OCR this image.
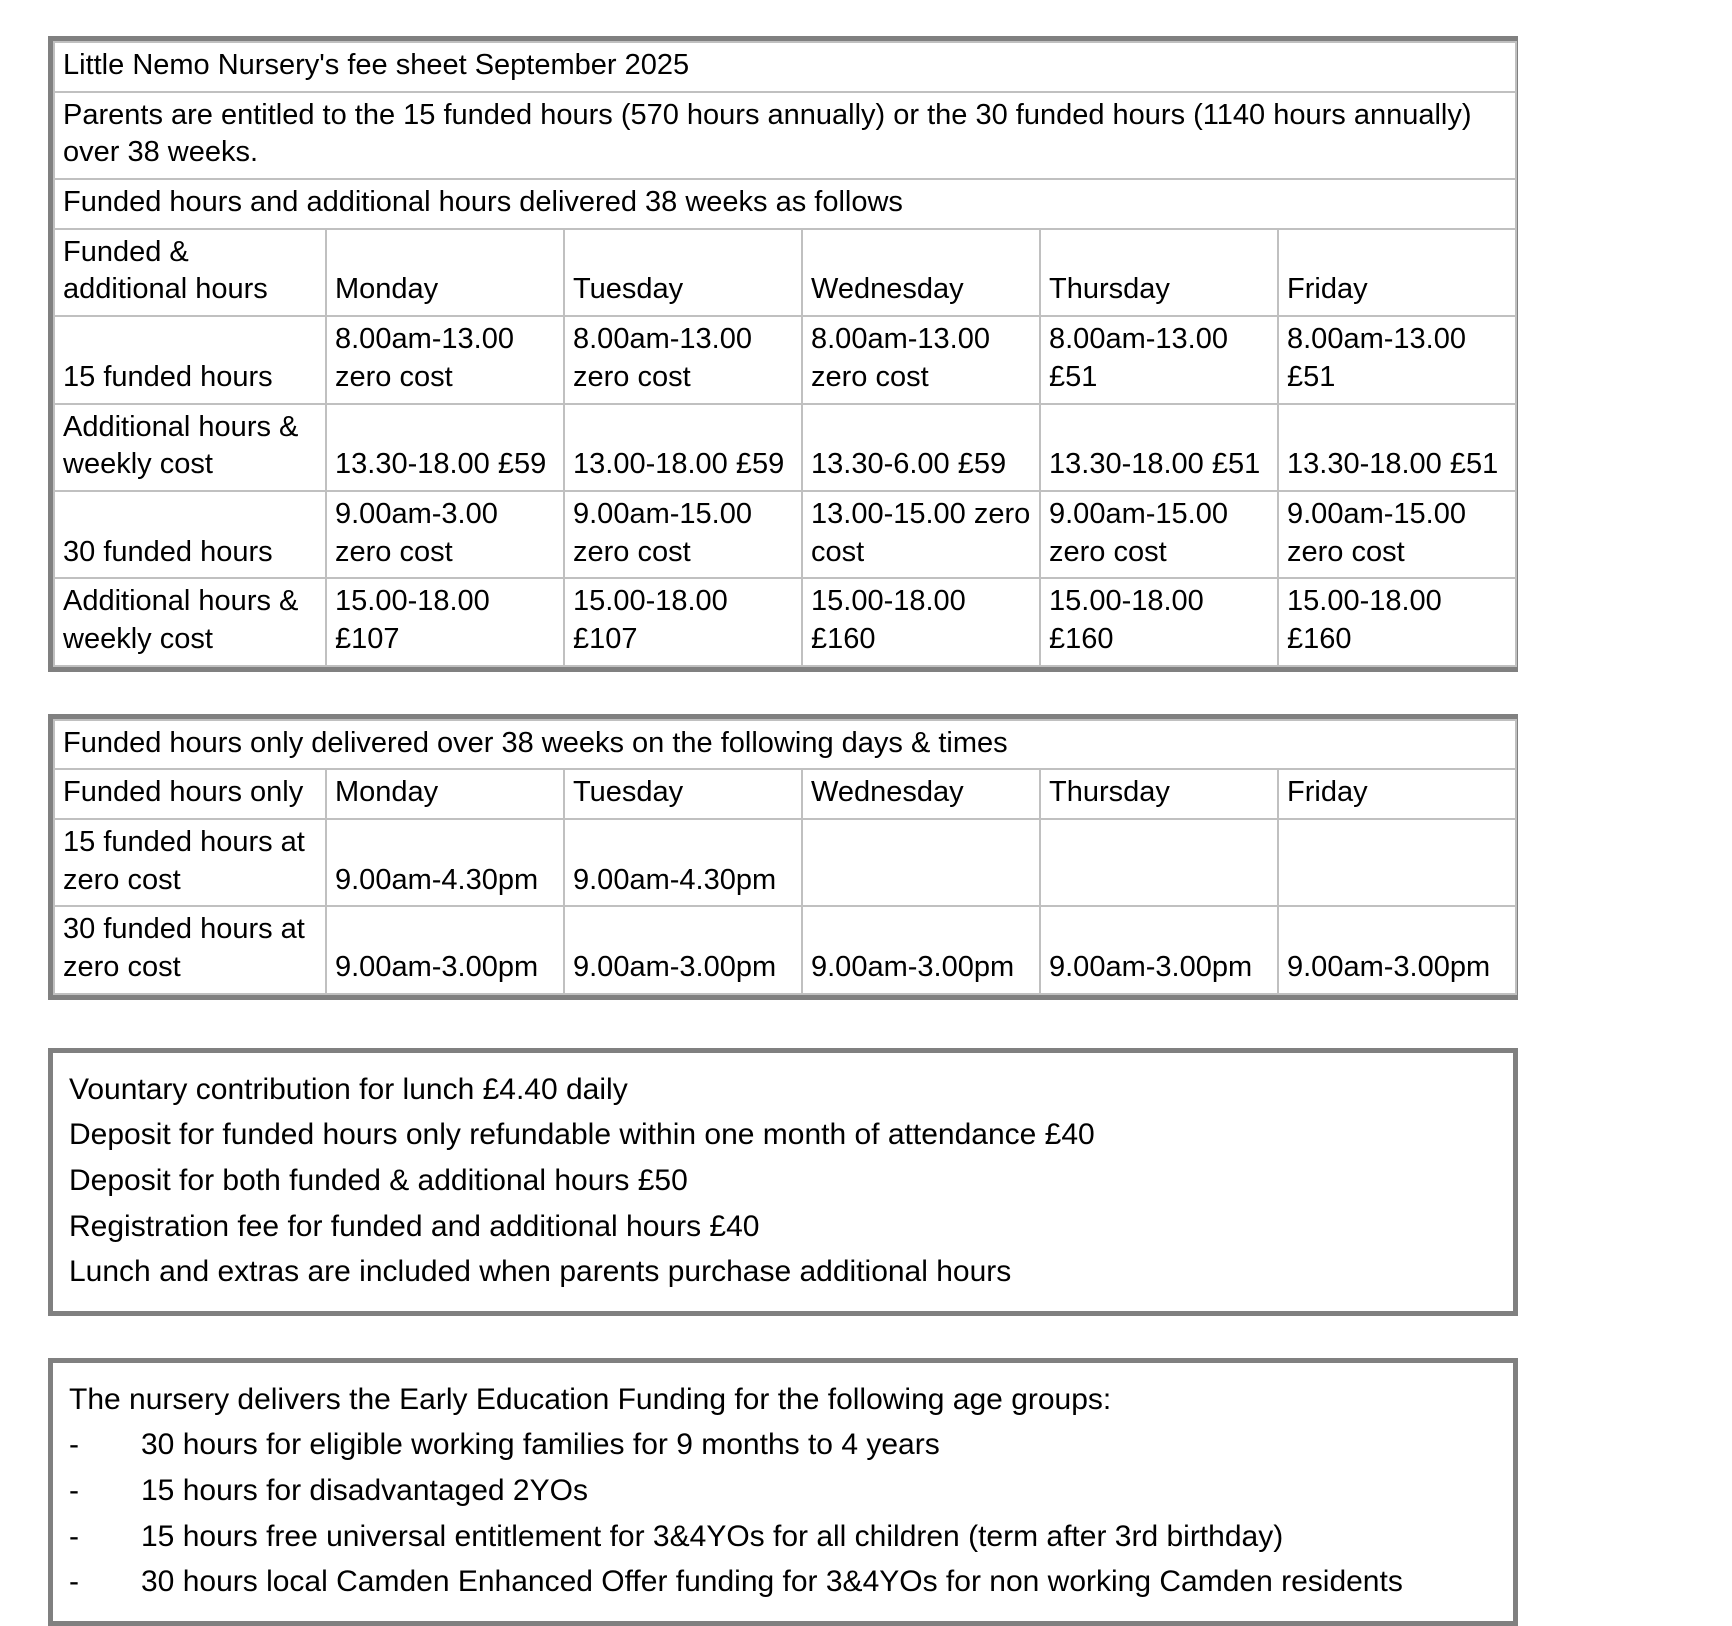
Little Nemo Nursery's fee sheet September 2025					
Parents are entitled to the 15 funded hours (570 hours annually) or the 30 funded hours (1140 hours annually) over 38 weeks.					
Funded hours and additional hours delivered 38 weeks as follows					
Funded & additional hours	Monday	Tuesday	Wednesday	Thursday	Friday
15 funded hours	8.00am-13.00 zero cost	8.00am-13.00 zero cost	8.00am-13.00 zero cost	8.00am-13.00 £51	8.00am-13.00 £51
Additional hours & weekly cost	13.30-18.00 £59	13.00-18.00 £59	13.30-6.00 £59	13.30-18.00 £51	13.30-18.00 £51
30 funded hours	9.00am-3.00 zero cost	9.00am-15.00 zero cost	13.00-15.00 zero cost	9.00am-15.00 zero cost	9.00am-15.00 zero cost
Additional hours & weekly cost	15.00-18.00 £107	15.00-18.00 £107	15.00-18.00 £160	15.00-18.00 £160	15.00-18.00 £160
Funded hours only delivered over 38 weeks on the following days & times					
Funded hours only	Monday	Tuesday	Wednesday	Thursday	Friday
15 funded hours at zero cost	9.00am-4.30pm	9.00am-4.30pm			
30 funded hours at zero cost	9.00am-3.00pm	9.00am-3.00pm	9.00am-3.00pm	9.00am-3.00pm	9.00am-3.00pm

Vountary contribution for lunch £4.40 daily

Deposit for funded hours only refundable within one month of attendance £40

Deposit for both funded & additional hours £50

Registration fee for funded and additional hours £40

Lunch and extras are included when parents purchase additional hours

The nursery delivers the Early Education Funding for the following age groups:

-	30 hours for eligible working families for 9 months to 4 years
-	15 hours for disadvantaged 2YOs
-	15 hours free universal entitlement for 3&4YOs for all children (term after 3rd birthday)
-	30 hours local Camden Enhanced Offer funding for 3&4YOs for non working Camden residents
